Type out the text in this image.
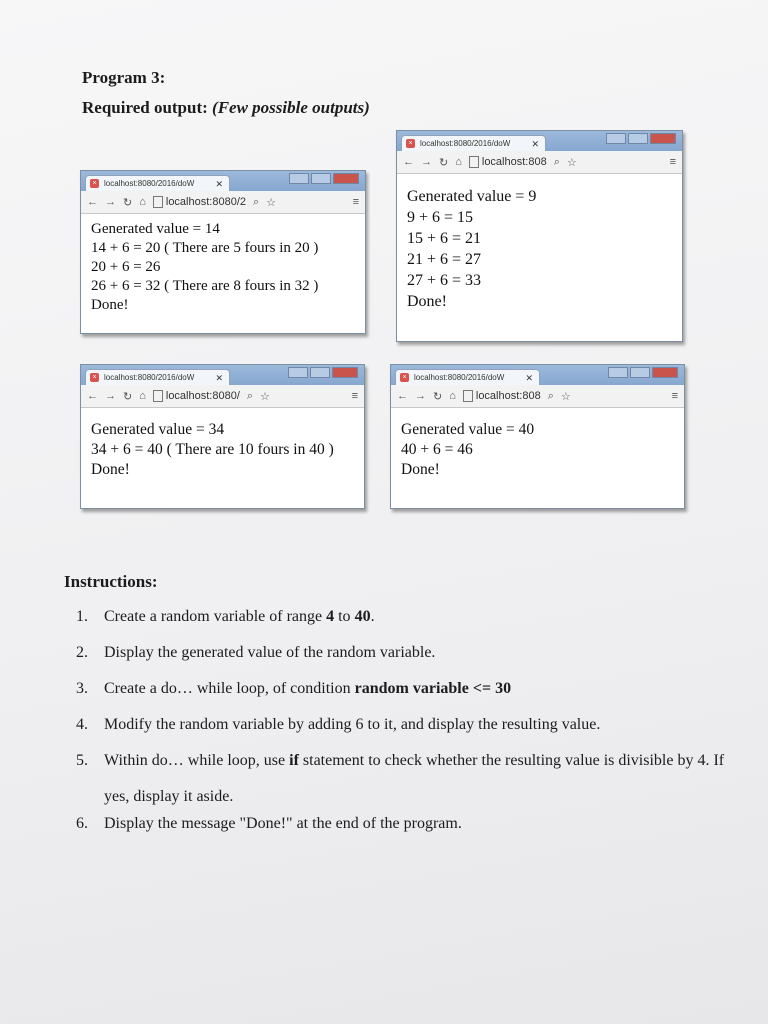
Program 3:
Required output: (Few possible outputs)
× localhost:8080/2016/doW ✕
← → ↻ ⌂ localhost:8080/2 ⌕ ☆	≡
Generated value = 14
14 + 6 = 20 ( There are 5 fours in 20 )
20 + 6 = 26
26 + 6 = 32 ( There are 8 fours in 32 )
Done!
× localhost:8080/2016/doW ✕
← → ↻ ⌂ localhost:808 ⌕ ☆	≡
Generated value = 9
9 + 6 = 15
15 + 6 = 21
21 + 6 = 27
27 + 6 = 33
Done!
× localhost:8080/2016/doW ✕
← → ↻ ⌂ localhost:8080/ ⌕ ☆	≡
Generated value = 34
34 + 6 = 40 ( There are 10 fours in 40 )
Done!
× localhost:8080/2016/doW ✕
← → ↻ ⌂ localhost:808 ⌕ ☆	≡
Generated value = 40
40 + 6 = 46
Done!
Instructions:
1. Create a random variable of range 4 to 40.
2. Display the generated value of the random variable.
3. Create a do… while loop, of condition random variable <= 30
4. Modify the random variable by adding 6 to it, and display the resulting value.
5. Within do… while loop, use if statement to check whether the resulting value is divisible by 4. If yes, display it aside.
6. Display the message "Done!" at the end of the program.
